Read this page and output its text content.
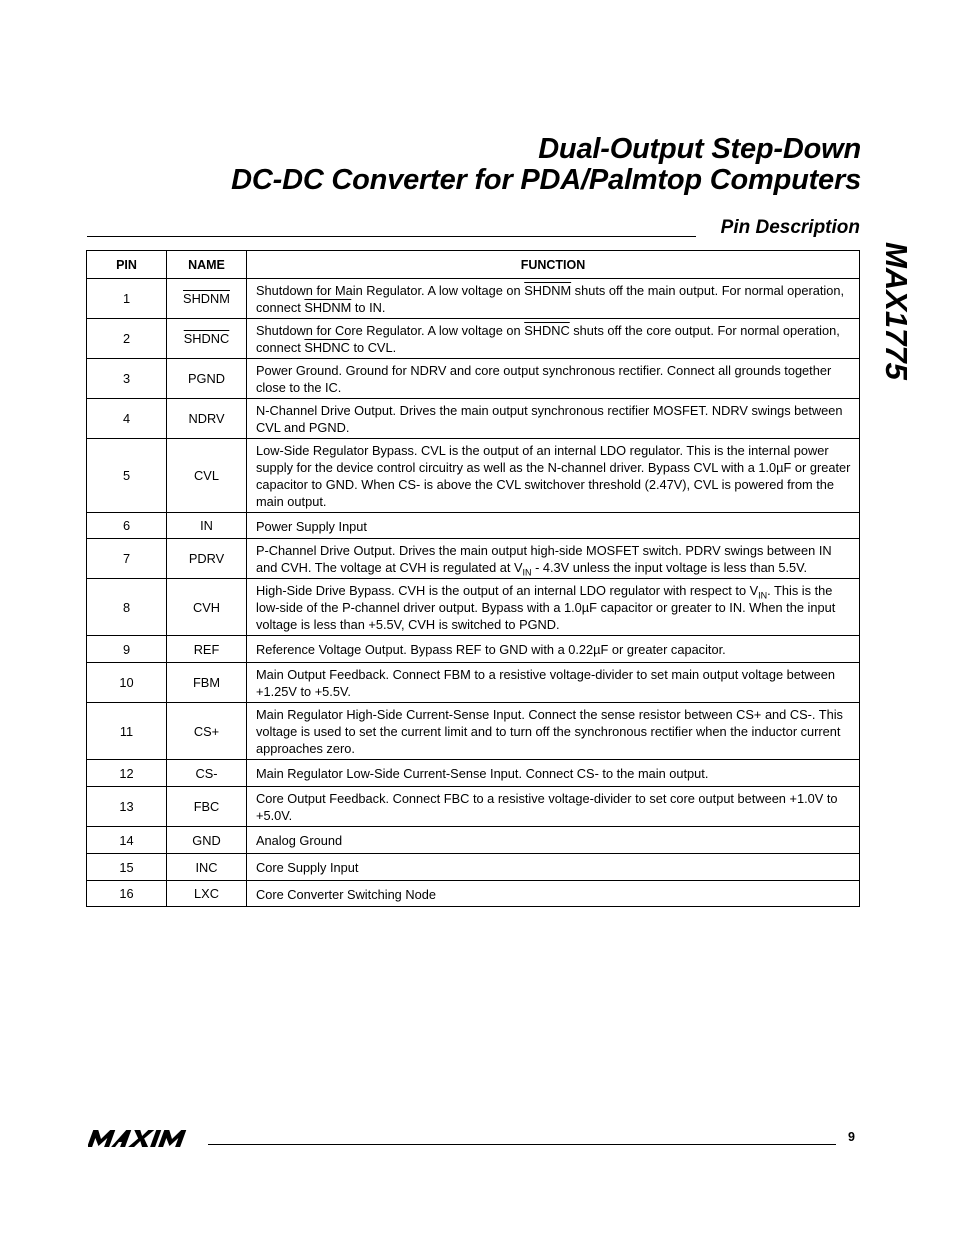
Dual-Output Step-Down
DC-DC Converter for PDA/Palmtop Computers
Pin Description
MAX1775
PIN	NAME	FUNCTION
1	SHDNM	Shutdown for Main Regulator. A low voltage on SHDNM shuts off the main output. For normal operation, connect SHDNM to IN.
2	SHDNC	Shutdown for Core Regulator. A low voltage on SHDNC shuts off the core output. For normal operation, connect SHDNC to CVL.
3	PGND	Power Ground. Ground for NDRV and core output synchronous rectifier. Connect all grounds together close to the IC.
4	NDRV	N-Channel Drive Output. Drives the main output synchronous rectifier MOSFET. NDRV swings between CVL and PGND.
5	CVL	Low-Side Regulator Bypass. CVL is the output of an internal LDO regulator. This is the internal power supply for the device control circuitry as well as the N-channel driver. Bypass CVL with a 1.0µF or greater capacitor to GND. When CS- is above the CVL switchover threshold (2.47V), CVL is powered from the main output.
6	IN	Power Supply Input
7	PDRV	P-Channel Drive Output. Drives the main output high-side MOSFET switch. PDRV swings between IN and CVH. The voltage at CVH is regulated at $V_{IN} - 4.3V$ unless the input voltage is less than 5.5V.
8	CVH	High-Side Drive Bypass. CVH is the output of an internal LDO regulator with respect to $V_{IN}$. This is the low-side of the P-channel driver output. Bypass with a 1.0µF capacitor or greater to IN. When the input voltage is less than +5.5V, CVH is switched to PGND.
9	REF	Reference Voltage Output. Bypass REF to GND with a 0.22µF or greater capacitor.
10	FBM	Main Output Feedback. Connect FBM to a resistive voltage-divider to set main output voltage between +1.25V to +5.5V.
11	CS+	Main Regulator High-Side Current-Sense Input. Connect the sense resistor between CS+ and CS-. This voltage is used to set the current limit and to turn off the synchronous rectifier when the inductor current approaches zero.
12	CS-	Main Regulator Low-Side Current-Sense Input. Connect CS- to the main output.
13	FBC	Core Output Feedback. Connect FBC to a resistive voltage-divider to set core output between +1.0V to +5.0V.
14	GND	Analog Ground
15	INC	Core Supply Input
16	LXC	Core Converter Switching Node
9
